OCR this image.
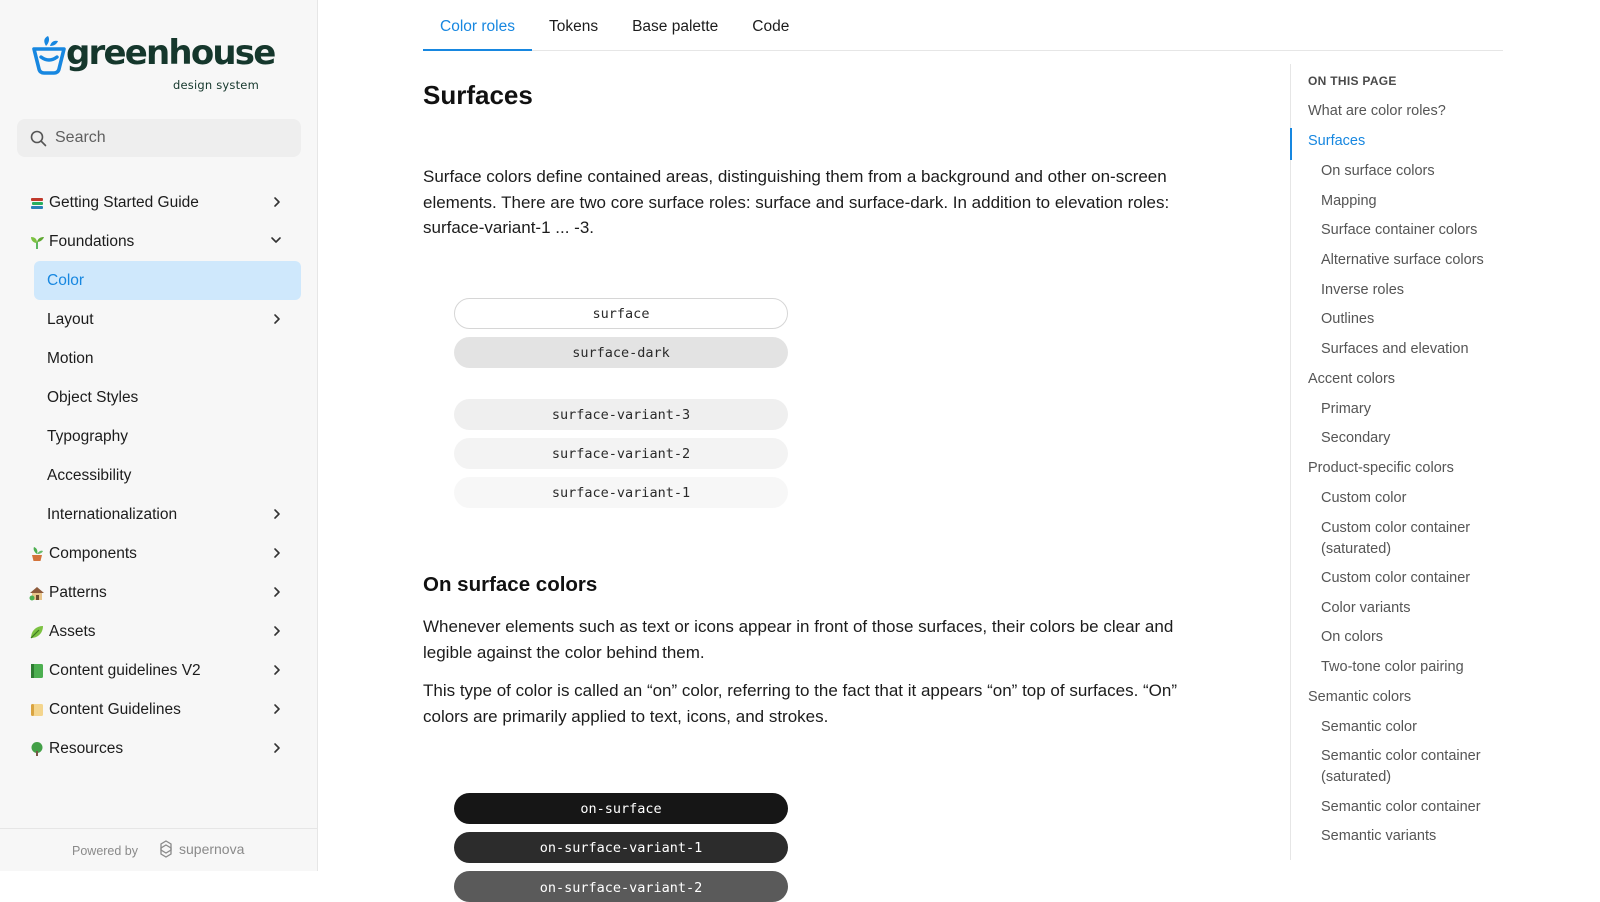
greenhouse
design system
Search
Getting Started Guide
Foundations
Color
Layout
Motion
Object Styles
Typography
Accessibility
Internationalization
Components
Patterns
Assets
Content guidelines V2
Content Guidelines
Resources
Powered by	supernova
Color roles	Tokens	Base palette	Code
Surfaces

Surface colors define contained areas, distinguishing them from a background and other on-screen elements. There are two core surface roles: surface and surface-dark. In addition to elevation roles: surface-variant-1 ... -3.

surface
surface-dark
surface-variant-3
surface-variant-2
surface-variant-1
On surface colors

Whenever elements such as text or icons appear in front of those surfaces, their colors be clear and legible against the color behind them.

This type of color is called an “on” color, referring to the fact that it appears “on” top of surfaces. “On” colors are primarily applied to text, icons, and strokes.

on-surface
on-surface-variant-1
on-surface-variant-2
ON THIS PAGE
What are color roles?
Surfaces
On surface colors
Mapping
Surface container colors
Alternative surface colors
Inverse roles
Outlines
Surfaces and elevation
Accent colors
Primary
Secondary
Product-specific colors
Custom color
Custom color container (saturated)
Custom color container
Color variants
On colors
Two-tone color pairing
Semantic colors
Semantic color
Semantic color container (saturated)
Semantic color container
Semantic variants
